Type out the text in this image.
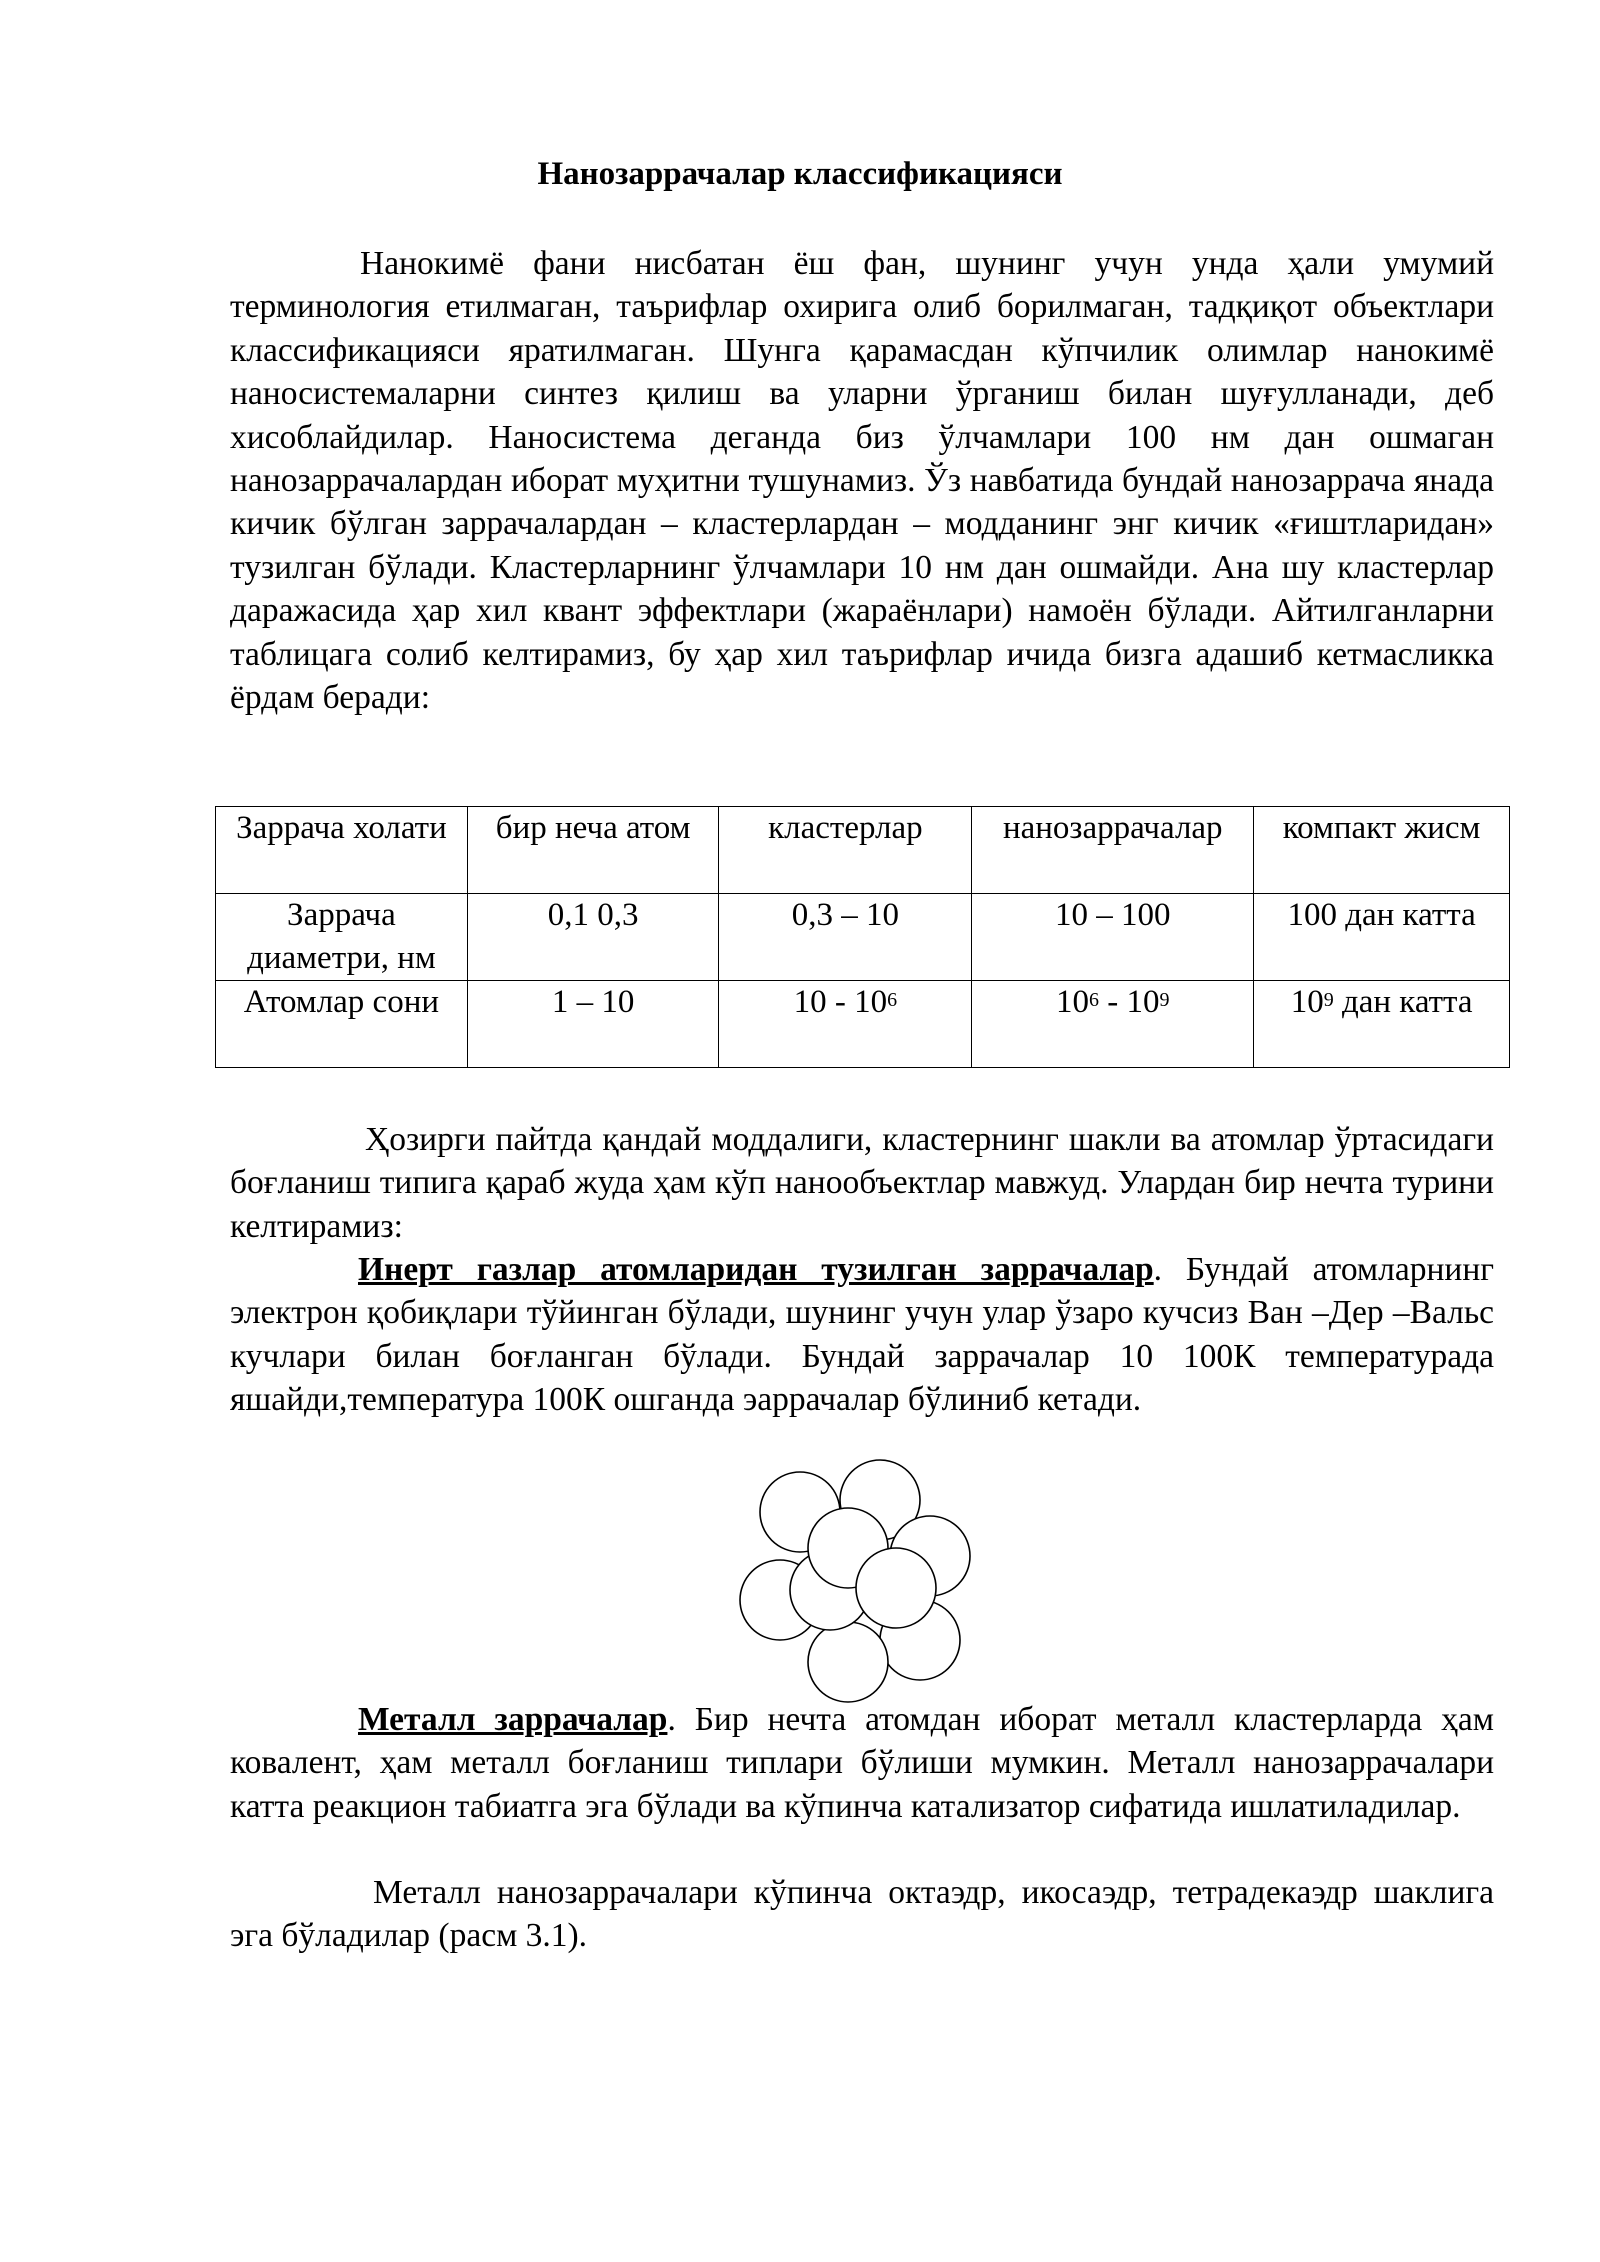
Нанозаррачалар классификацияси

Нанокимё фани нисбатан ёш фан, шунинг учун унда ҳали умумий терминология етилмаган, таърифлар охирига олиб борилмаган, тадқиқот объектлари классификацияси яратилмаган. Шунга қарамасдан кўпчилик олимлар нанокимё наносистемаларни синтез қилиш ва уларни ўрганиш билан шуғулланади, деб хисоблайдилар. Наносистема деганда биз ўлчамлари 100 нм дан ошмаган нанозаррачалардан иборат муҳитни тушунамиз. Ўз навбатида бундай нанозаррача янада кичик бўлган заррачалардан – кластерлардан – модданинг энг кичик «ғиштларидан» тузилган бўлади. Кластерларнинг ўлчамлари 10 нм дан ошмайди. Ана шу кластерлар даражасида ҳар хил квант эффектлари (жараёнлари) намоён бўлади. Айтилганларни таблицага солиб келтирамиз, бу ҳар хил таърифлар ичида бизга адашиб кетмасликка ёрдам беради:

Заррача холати	бир неча атом	кластерлар	нанозаррачалар	компакт жисм
Заррача диаметри, нм	0,1 0,3	0,3 – 10	10 – 100	100 дан катта
Атомлар сони	1 – 10	$10 - 10^6$	$10^6 - 10^9$	$10^9$ дан катта

Ҳозирги пайтда қандай моддалиги, кластернинг шакли ва атомлар ўртасидаги боғланиш типига қараб жуда ҳам кўп нанообъектлар мавжуд. Улардан бир нечта турини келтирамиз:

Инерт газлар атомларидан тузилган заррачалар. Бундай атомларнинг электрон қобиқлари тўйинган бўлади, шунинг учун улар ўзаро кучсиз Ван –Дер –Вальс кучлари билан боғланган бўлади. Бундай заррачалар 10 100К температурада яшайди,температура 100К ошганда эаррачалар бўлиниб кетади.

Металл заррачалар. Бир нечта атомдан иборат металл кластерларда ҳам ковалент, ҳам металл боғланиш типлари бўлиши мумкин. Металл нанозаррачалари катта реакцион табиатга эга бўлади ва кўпинча катализатор сифатида ишлатиладилар.

Металл нанозаррачалари кўпинча октаэдр, икосаэдр, тетрадекаэдр шаклига эга бўладилар (расм 3.1).
